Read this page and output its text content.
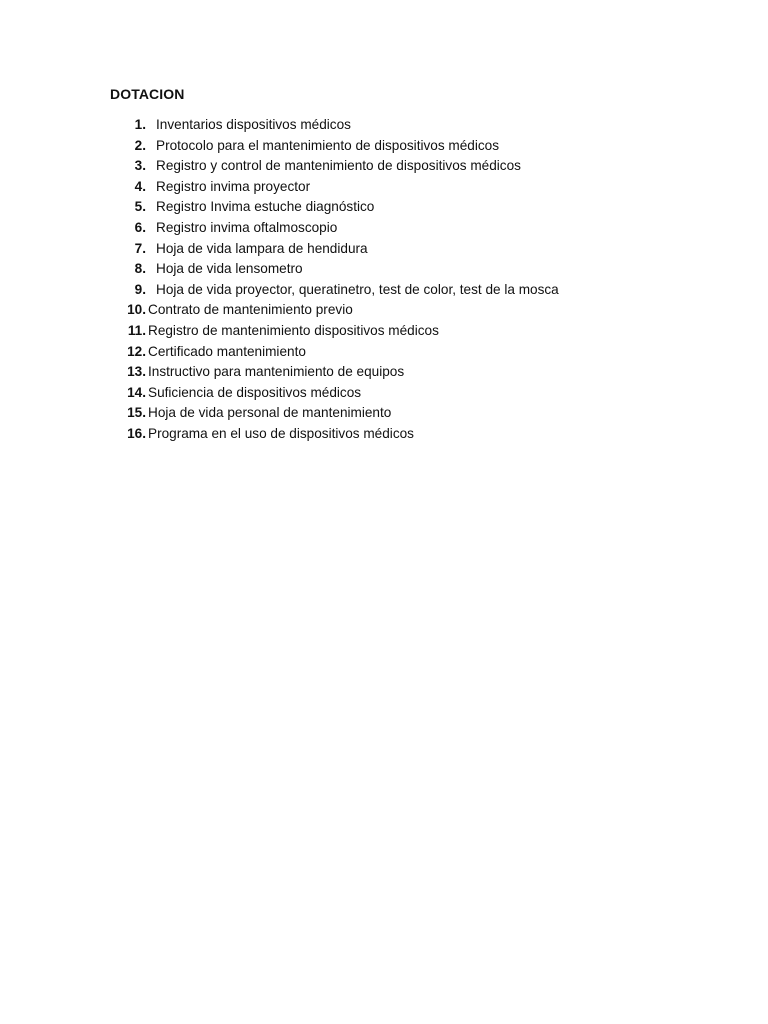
DOTACION
1. Inventarios dispositivos médicos
2. Protocolo para el mantenimiento de dispositivos médicos
3. Registro y control de mantenimiento de dispositivos médicos
4. Registro invima proyector
5. Registro Invima estuche diagnóstico
6. Registro invima oftalmoscopio
7. Hoja de vida lampara de hendidura
8. Hoja de vida lensometro
9. Hoja de vida proyector, queratinetro, test de color, test de la mosca
10. Contrato de mantenimiento previo
11. Registro de mantenimiento dispositivos médicos
12. Certificado mantenimiento
13. Instructivo para mantenimiento de equipos
14. Suficiencia de dispositivos médicos
15. Hoja de vida personal de mantenimiento
16. Programa en el uso de dispositivos médicos
